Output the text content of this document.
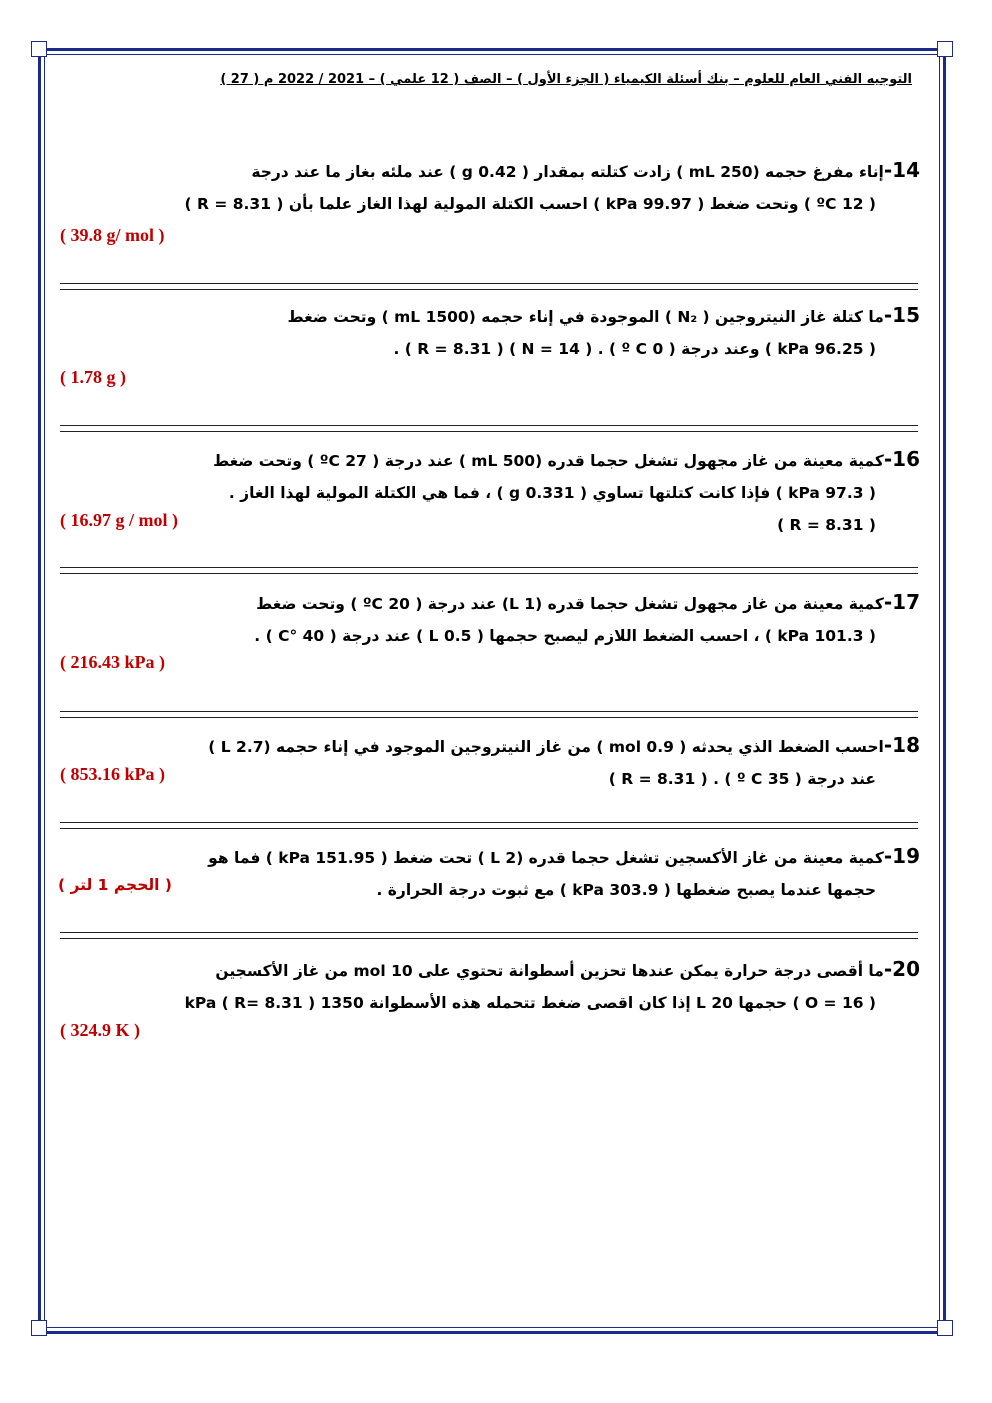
التوجيه الفني العام للعلوم – بنك أسئلة الكيمياء ( الجزء الأول ) – الصف ( 12 علمي ) – 2021 / 2022 م ( 27 )
14-إناء مفرغ حجمه (250 mL ) زادت كتلته بمقدار ( 0.42 g ) عند ملئه بغاز ما عند درجة
( 12 ºC ) وتحت ضغط ( 99.97 kPa ) احسب الكتلة المولية لهذا الغاز علما بأن ( R = 8.31 )
( 39.8 g/ mol )
15-ما كتلة غاز النيتروجين ( N₂ ) الموجودة في إناء حجمه (1500 mL ) وتحت ضغط
( 96.25 kPa ) وعند درجة ( 0 º C ) . ( N = 14 ) ( R = 8.31 ) .
( 1.78 g )
16-كمية معينة من غاز مجهول تشغل حجما قدره (500 mL ) عند درجة ( 27 ºC ) وتحت ضغط
( 97.3 kPa ) فإذا كانت كتلتها تساوي ( 0.331 g ) ، فما هي الكتلة المولية لهذا الغاز .
( R = 8.31 )
( 16.97 g / mol )
17-كمية معينة من غاز مجهول تشغل حجما قدره (1 L) عند درجة ( 20 ºC ) وتحت ضغط
( 101.3 kPa ) ، احسب الضغط اللازم ليصبح حجمها ( 0.5 L ) عند درجة ( 40 °C ) .
( 216.43 kPa )
18-احسب الضغط الذي يحدثه ( 0.9 mol ) من غاز النيتروجين الموجود في إناء حجمه (2.7 L )
عند درجة ( 35 º C ) . ( R = 8.31 )
( 853.16 kPa )
19-كمية معينة من غاز الأكسجين تشغل حجما قدره (2 L ) تحت ضغط ( 151.95 kPa ) فما هو
حجمها عندما يصبح ضغطها ( 303.9 kPa ) مع ثبوت درجة الحرارة .
( الحجم 1 لتر )
20-ما أقصى درجة حرارة يمكن عندها تحزين أسطوانة تحتوي على 10 mol من غاز الأكسجين
( O = 16 ) حجمها 20 L إذا كان اقصى ضغط تتحمله هذه الأسطوانة 1350 kPa ( R= 8.31 )
( 324.9 K )
